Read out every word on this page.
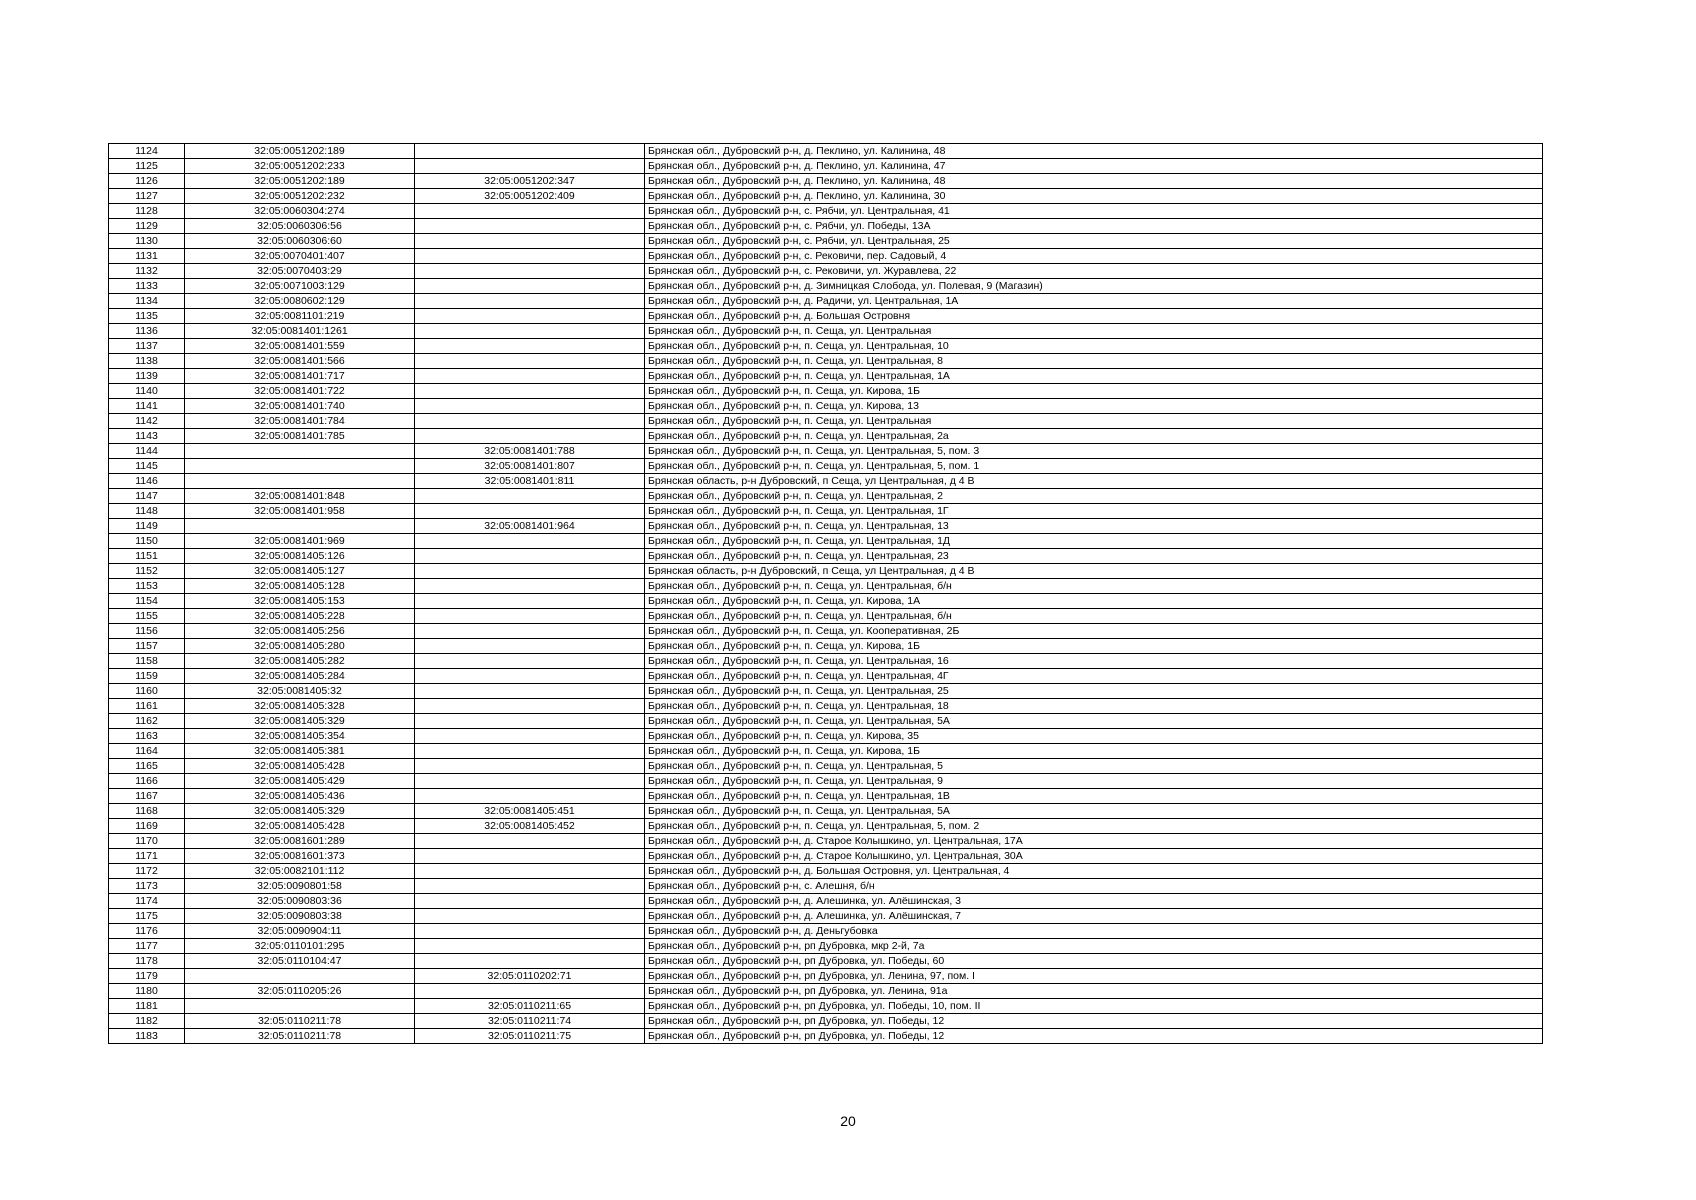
1124	32:05:0051202:189		Брянская обл., Дубровский р-н, д. Пеклино, ул. Калинина, 48
1125	32:05:0051202:233		Брянская обл., Дубровский р-н, д. Пеклино, ул. Калинина, 47
1126	32:05:0051202:189	32:05:0051202:347	Брянская обл., Дубровский р-н, д. Пеклино, ул. Калинина, 48
1127	32:05:0051202:232	32:05:0051202:409	Брянская обл., Дубровский р-н, д. Пеклино, ул. Калинина, 30
1128	32:05:0060304:274		Брянская обл., Дубровский р-н, с. Рябчи, ул. Центральная, 41
1129	32:05:0060306:56		Брянская обл., Дубровский р-н, с. Рябчи, ул. Победы, 13А
1130	32:05:0060306:60		Брянская обл., Дубровский р-н, с. Рябчи, ул. Центральная, 25
1131	32:05:0070401:407		Брянская обл., Дубровский р-н, с. Рековичи, пер. Садовый, 4
1132	32:05:0070403:29		Брянская обл., Дубровский р-н, с. Рековичи, ул. Журавлева, 22
1133	32:05:0071003:129		Брянская обл., Дубровский р-н, д. Зимницкая Слобода, ул. Полевая, 9 (Магазин)
1134	32:05:0080602:129		Брянская обл., Дубровский р-н, д. Радичи, ул. Центральная, 1А
1135	32:05:0081101:219		Брянская обл., Дубровский р-н, д. Большая Островня
1136	32:05:0081401:1261		Брянская обл., Дубровский р-н, п. Сеща, ул. Центральная
1137	32:05:0081401:559		Брянская обл., Дубровский р-н, п. Сеща, ул. Центральная, 10
1138	32:05:0081401:566		Брянская обл., Дубровский р-н, п. Сеща, ул. Центральная, 8
1139	32:05:0081401:717		Брянская обл., Дубровский р-н, п. Сеща, ул. Центральная, 1А
1140	32:05:0081401:722		Брянская обл., Дубровский р-н, п. Сеща, ул. Кирова, 1Б
1141	32:05:0081401:740		Брянская обл., Дубровский р-н, п. Сеща, ул. Кирова, 13
1142	32:05:0081401:784		Брянская обл., Дубровский р-н, п. Сеща, ул. Центральная
1143	32:05:0081401:785		Брянская обл., Дубровский р-н, п. Сеща, ул. Центральная, 2а
1144		32:05:0081401:788	Брянская обл., Дубровский р-н, п. Сеща, ул. Центральная, 5, пом. 3
1145		32:05:0081401:807	Брянская обл., Дубровский р-н, п. Сеща, ул. Центральная, 5, пом. 1
1146		32:05:0081401:811	Брянская область, р-н Дубровский, п Сеща, ул Центральная, д 4 В
1147	32:05:0081401:848		Брянская обл., Дубровский р-н, п. Сеща, ул. Центральная, 2
1148	32:05:0081401:958		Брянская обл., Дубровский р-н, п. Сеща, ул. Центральная, 1Г
1149		32:05:0081401:964	Брянская обл., Дубровский р-н, п. Сеща, ул. Центральная, 13
1150	32:05:0081401:969		Брянская обл., Дубровский р-н, п. Сеща, ул. Центральная, 1Д
1151	32:05:0081405:126		Брянская обл., Дубровский р-н, п. Сеща, ул. Центральная, 23
1152	32:05:0081405:127		Брянская область, р-н Дубровский, п Сеща, ул Центральная, д 4 В
1153	32:05:0081405:128		Брянская обл., Дубровский р-н, п. Сеща, ул. Центральная, б/н
1154	32:05:0081405:153		Брянская обл., Дубровский р-н, п. Сеща, ул. Кирова, 1А
1155	32:05:0081405:228		Брянская обл., Дубровский р-н, п. Сеща, ул. Центральная, б/н
1156	32:05:0081405:256		Брянская обл., Дубровский р-н, п. Сеща, ул. Кооперативная, 2Б
1157	32:05:0081405:280		Брянская обл., Дубровский р-н, п. Сеща, ул. Кирова, 1Б
1158	32:05:0081405:282		Брянская обл., Дубровский р-н, п. Сеща, ул. Центральная, 16
1159	32:05:0081405:284		Брянская обл., Дубровский р-н, п. Сеща, ул. Центральная, 4Г
1160	32:05:0081405:32		Брянская обл., Дубровский р-н, п. Сеща, ул. Центральная, 25
1161	32:05:0081405:328		Брянская обл., Дубровский р-н, п. Сеща, ул. Центральная, 18
1162	32:05:0081405:329		Брянская обл., Дубровский р-н, п. Сеща, ул. Центральная, 5А
1163	32:05:0081405:354		Брянская обл., Дубровский р-н, п. Сеща, ул. Кирова, 35
1164	32:05:0081405:381		Брянская обл., Дубровский р-н, п. Сеща, ул. Кирова, 1Б
1165	32:05:0081405:428		Брянская обл., Дубровский р-н, п. Сеща, ул. Центральная, 5
1166	32:05:0081405:429		Брянская обл., Дубровский р-н, п. Сеща, ул. Центральная, 9
1167	32:05:0081405:436		Брянская обл., Дубровский р-н, п. Сеща, ул. Центральная, 1В
1168	32:05:0081405:329	32:05:0081405:451	Брянская обл., Дубровский р-н, п. Сеща, ул. Центральная, 5А
1169	32:05:0081405:428	32:05:0081405:452	Брянская обл., Дубровский р-н, п. Сеща, ул. Центральная, 5, пом. 2
1170	32:05:0081601:289		Брянская обл., Дубровский р-н, д. Старое Колышкино, ул. Центральная, 17А
1171	32:05:0081601:373		Брянская обл., Дубровский р-н, д. Старое Колышкино, ул. Центральная, 30А
1172	32:05:0082101:112		Брянская обл., Дубровский р-н, д. Большая Островня, ул. Центральная, 4
1173	32:05:0090801:58		Брянская обл., Дубровский р-н, с. Алешня, б/н
1174	32:05:0090803:36		Брянская обл., Дубровский р-н, д. Алешинка, ул. Алёшинская, 3
1175	32:05:0090803:38		Брянская обл., Дубровский р-н, д. Алешинка, ул. Алёшинская, 7
1176	32:05:0090904:11		Брянская обл., Дубровский р-н, д. Деньгубовка
1177	32:05:0110101:295		Брянская обл., Дубровский р-н, рп Дубровка, мкр 2-й, 7а
1178	32:05:0110104:47		Брянская обл., Дубровский р-н, рп Дубровка, ул. Победы, 60
1179		32:05:0110202:71	Брянская обл., Дубровский р-н, рп Дубровка, ул. Ленина, 97, пом. I
1180	32:05:0110205:26		Брянская обл., Дубровский р-н, рп Дубровка, ул. Ленина, 91а
1181		32:05:0110211:65	Брянская обл., Дубровский р-н, рп Дубровка, ул. Победы, 10, пом. II
1182	32:05:0110211:78	32:05:0110211:74	Брянская обл., Дубровский р-н, рп Дубровка, ул. Победы, 12
1183	32:05:0110211:78	32:05:0110211:75	Брянская обл., Дубровский р-н, рп Дубровка, ул. Победы, 12
20
